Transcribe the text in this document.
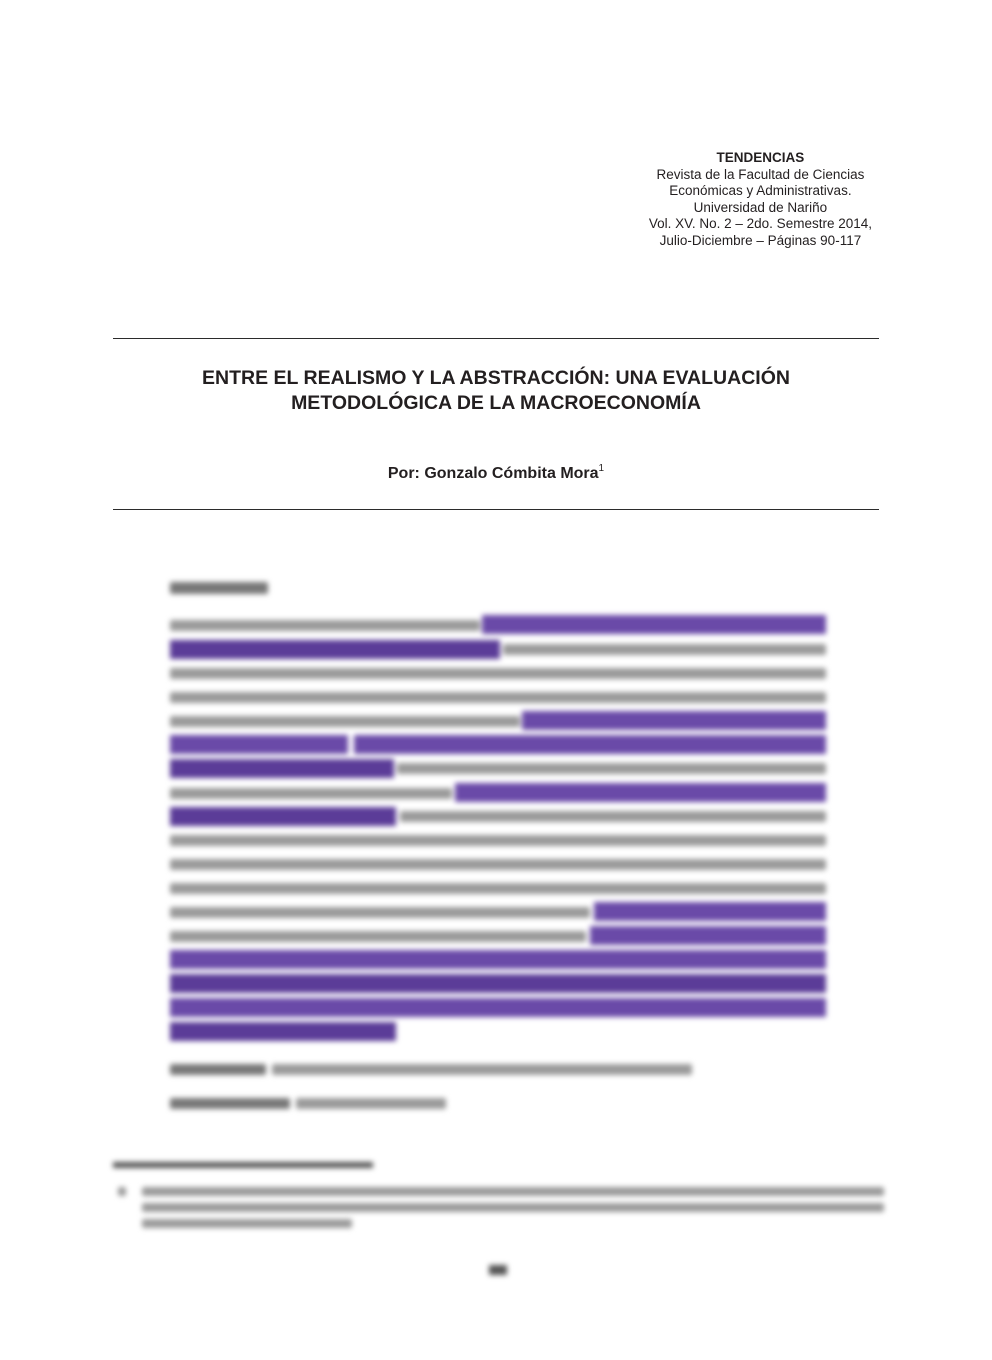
TENDENCIAS
Revista de la Facultad de Ciencias
Económicas y Administrativas.
Universidad de Nariño
Vol. XV. No. 2 – 2do. Semestre 2014,
Julio-Diciembre – Páginas 90-117
ENTRE EL REALISMO Y LA ABSTRACCIÓN: UNA EVALUACIÓN
METODOLÓGICA DE LA MACROECONOMÍA
Por: Gonzalo Cómbita Mora$^1$
